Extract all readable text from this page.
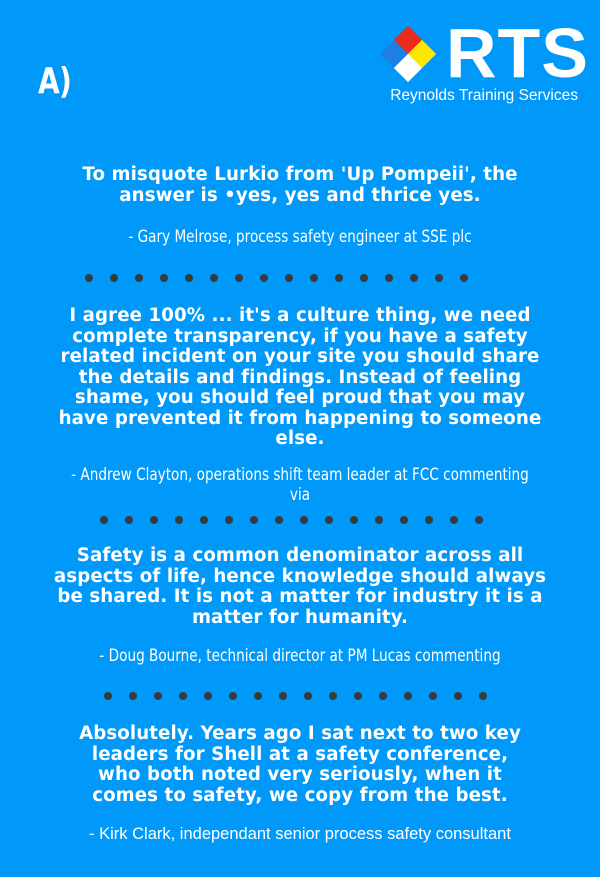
A)	RTS
Reynolds Training Services
To misquote Lurkio from 'Up Pompeii', the
answer is •yes, yes and thrice yes.
- Gary Melrose, process safety engineer at SSE plc
I agree 100% ... it's a culture thing, we need
complete transparency, if you have a safety
related incident on your site you should share
the details and findings. Instead of feeling
shame, you should feel proud that you may
have prevented it from happening to someone
else.
- Andrew Clayton, operations shift team leader at FCC commenting via
Safety is a common denominator across all
aspects of life, hence knowledge should always
be shared. It is not a matter for industry it is a
matter for humanity.
- Doug Bourne, technical director at PM Lucas commenting
Absolutely. Years ago I sat next to two key
leaders for Shell at a safety conference,
who both noted very seriously, when it
comes to safety, we copy from the best.
- Kirk Clark, independant senior process safety consultant
